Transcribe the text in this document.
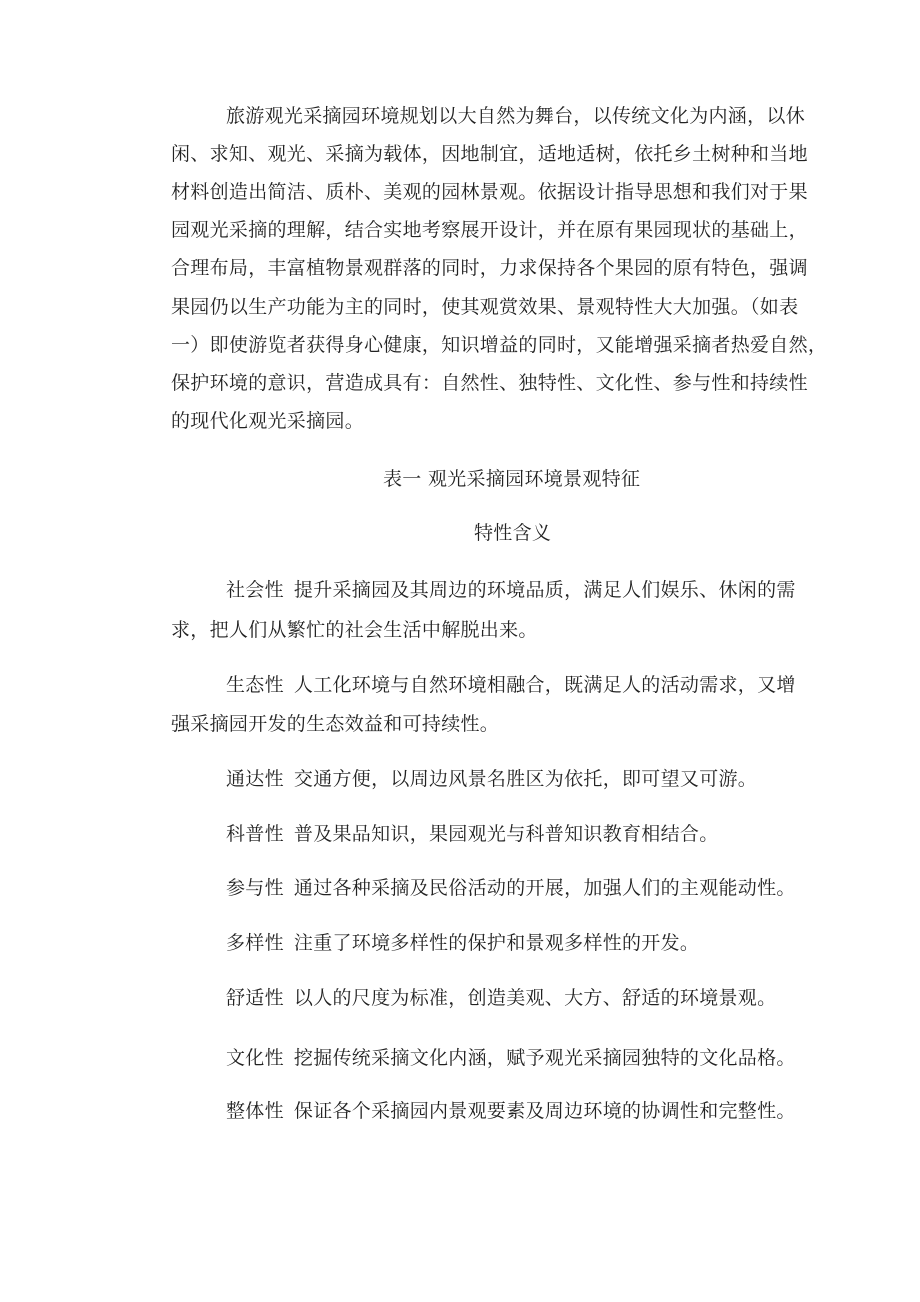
旅游观光采摘园环境规划以大自然为舞台，以传统文化为内涵，以休
闲、求知、观光、采摘为载体，因地制宜，适地适树，依托乡土树种和当地
材料创造出简洁、质朴、美观的园林景观。依据设计指导思想和我们对于果
园观光采摘的理解，结合实地考察展开设计，并在原有果园现状的基础上，
合理布局，丰富植物景观群落的同时，力求保持各个果园的原有特色，强调
果园仍以生产功能为主的同时，使其观赏效果、景观特性大大加强。（如表
一）即使游览者获得身心健康，知识增益的同时，又能增强采摘者热爱自然，
保护环境的意识，营造成具有：自然性、独特性、文化性、参与性和持续性
的现代化观光采摘园。
表一 观光采摘园环境景观特征
特性含义
社会性 提升采摘园及其周边的环境品质，满足人们娱乐、休闲的需
求，把人们从繁忙的社会生活中解脱出来。
生态性 人工化环境与自然环境相融合，既满足人的活动需求，又增
强采摘园开发的生态效益和可持续性。
通达性 交通方便，以周边风景名胜区为依托，即可望又可游。
科普性 普及果品知识，果园观光与科普知识教育相结合。
参与性 通过各种采摘及民俗活动的开展，加强人们的主观能动性。
多样性 注重了环境多样性的保护和景观多样性的开发。
舒适性 以人的尺度为标准，创造美观、大方、舒适的环境景观。
文化性 挖掘传统采摘文化内涵，赋予观光采摘园独特的文化品格。
整体性 保证各个采摘园内景观要素及周边环境的协调性和完整性。
